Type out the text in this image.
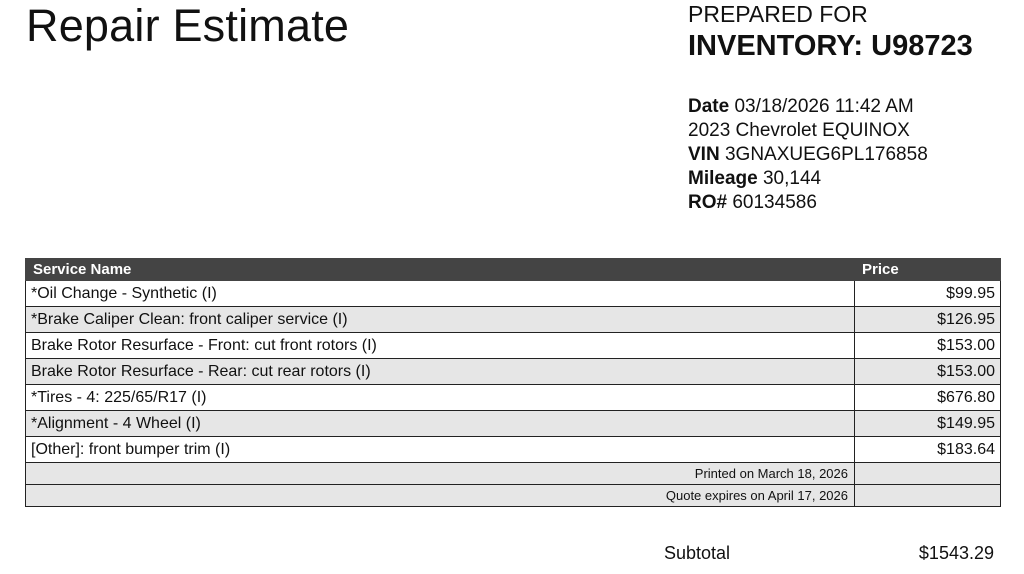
Repair Estimate	PREPARED FOR
INVENTORY: U98723
Date 03/18/2026 11:42 AM
2023 Chevrolet EQUINOX
VIN 3GNAXUEG6PL176858
Mileage 30,144
RO# 60134586
Service Name	Price
*Oil Change - Synthetic (I)	$99.95
*Brake Caliper Clean: front caliper service (I)	$126.95
Brake Rotor Resurface - Front: cut front rotors (I)	$153.00
Brake Rotor Resurface - Rear: cut rear rotors (I)	$153.00
*Tires - 4: 225/65/R17 (I)	$676.80
*Alignment - 4 Wheel (I)	$149.95
[Other]: front bumper trim (I)	$183.64
Printed on March 18, 2026	
Quote expires on April 17, 2026	
Subtotal	$1543.29
